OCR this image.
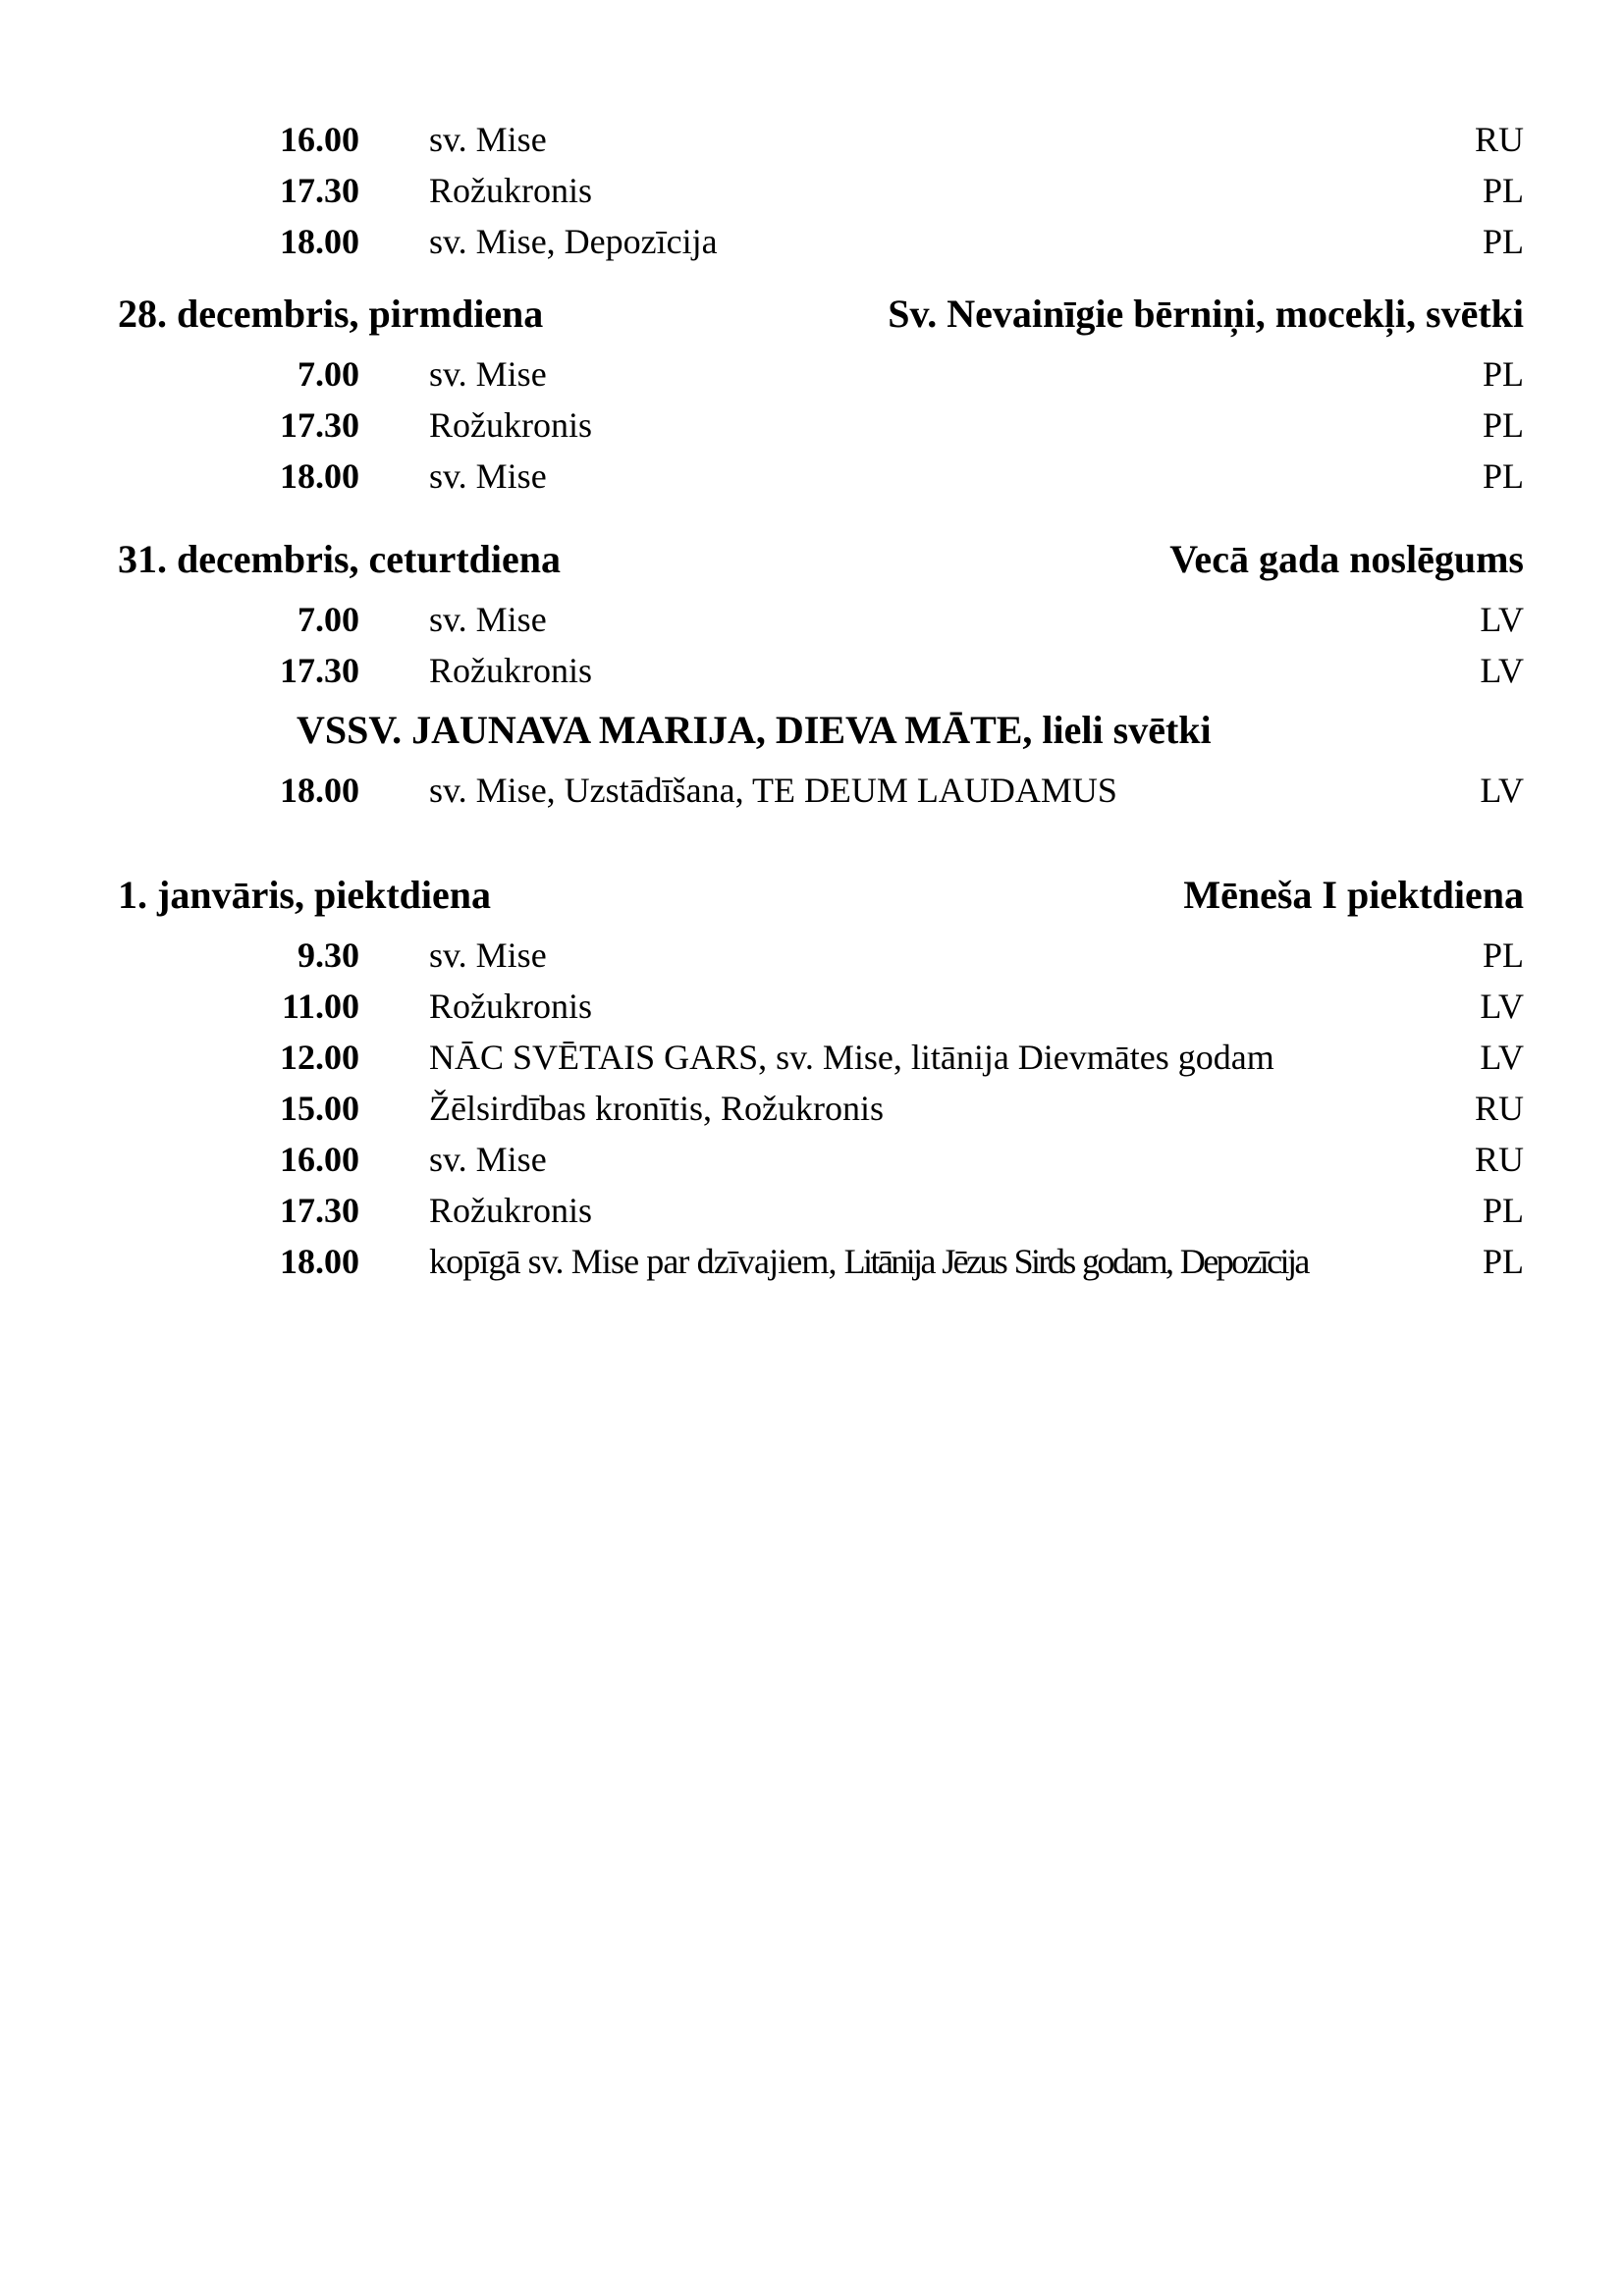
16.00 sv. Mise	RU
17.30 Rožukronis	PL
18.00 sv. Mise, Depozīcija	PL
28. decembris, pirmdiena	Sv. Nevainīgie bērniņi, mocekļi, svētki
7.00 sv. Mise	PL
17.30 Rožukronis	PL
18.00 sv. Mise	PL
31. decembris, ceturtdiena	Vecā gada noslēgums
7.00 sv. Mise	LV
17.30 Rožukronis	LV
VSSV. JAUNAVA MARIJA, DIEVA MĀTE, lieli svētki
18.00 sv. Mise, Uzstādīšana, TE DEUM LAUDAMUS	LV
1. janvāris, piektdiena	Mēneša I piektdiena
9.30 sv. Mise	PL
11.00 Rožukronis	LV
12.00 NĀC SVĒTAIS GARS, sv. Mise, litānija Dievmātes godam	LV
15.00 Žēlsirdības kronītis, Rožukronis	RU
16.00 sv. Mise	RU
17.30 Rožukronis	PL
18.00 kopīgā sv. Mise par dzīvajiem, Litānija Jēzus Sirds godam, Depozīcija	PL
